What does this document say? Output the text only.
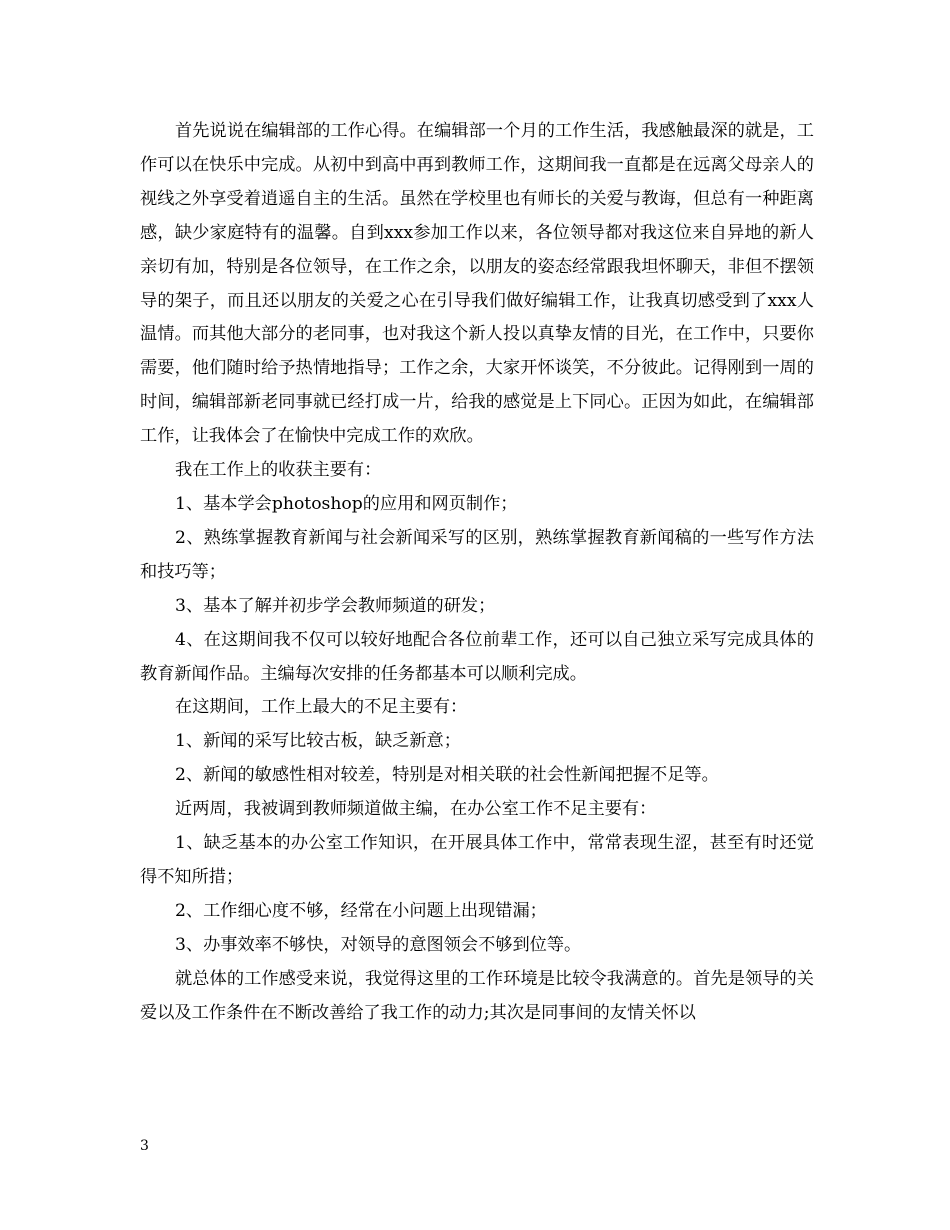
首先说说在编辑部的工作心得。在编辑部一个月的工作生活，我感触最深的就是，工作可以在快乐中完成。从初中到高中再到教师工作，这期间我一直都是在远离父母亲人的视线之外享受着逍遥自主的生活。虽然在学校里也有师长的关爱与教诲，但总有一种距离感，缺少家庭特有的温馨。自到xxx参加工作以来，各位领导都对我这位来自异地的新人亲切有加，特别是各位领导，在工作之余，以朋友的姿态经常跟我坦怀聊天，非但不摆领导的架子，而且还以朋友的关爱之心在引导我们做好编辑工作，让我真切感受到了xxx人温情。而其他大部分的老同事，也对我这个新人投以真挚友情的目光，在工作中，只要你需要，他们随时给予热情地指导；工作之余，大家开怀谈笑，不分彼此。记得刚到一周的时间，编辑部新老同事就已经打成一片，给我的感觉是上下同心。正因为如此，在编辑部工作，让我体会了在愉快中完成工作的欢欣。

我在工作上的收获主要有：

1、基本学会photoshop的应用和网页制作；

2、熟练掌握教育新闻与社会新闻采写的区别，熟练掌握教育新闻稿的一些写作方法和技巧等；

3、基本了解并初步学会教师频道的研发；

4、在这期间我不仅可以较好地配合各位前辈工作，还可以自己独立采写完成具体的教育新闻作品。主编每次安排的任务都基本可以顺利完成。

在这期间，工作上最大的不足主要有：

1、新闻的采写比较古板，缺乏新意；

2、新闻的敏感性相对较差，特别是对相关联的社会性新闻把握不足等。

近两周，我被调到教师频道做主编，在办公室工作不足主要有：

1、缺乏基本的办公室工作知识，在开展具体工作中，常常表现生涩，甚至有时还觉得不知所措；

2、工作细心度不够，经常在小问题上出现错漏；

3、办事效率不够快，对领导的意图领会不够到位等。

就总体的工作感受来说，我觉得这里的工作环境是比较令我满意的。首先是领导的关爱以及工作条件在不断改善给了我工作的动力;其次是同事间的友情关怀以

3
